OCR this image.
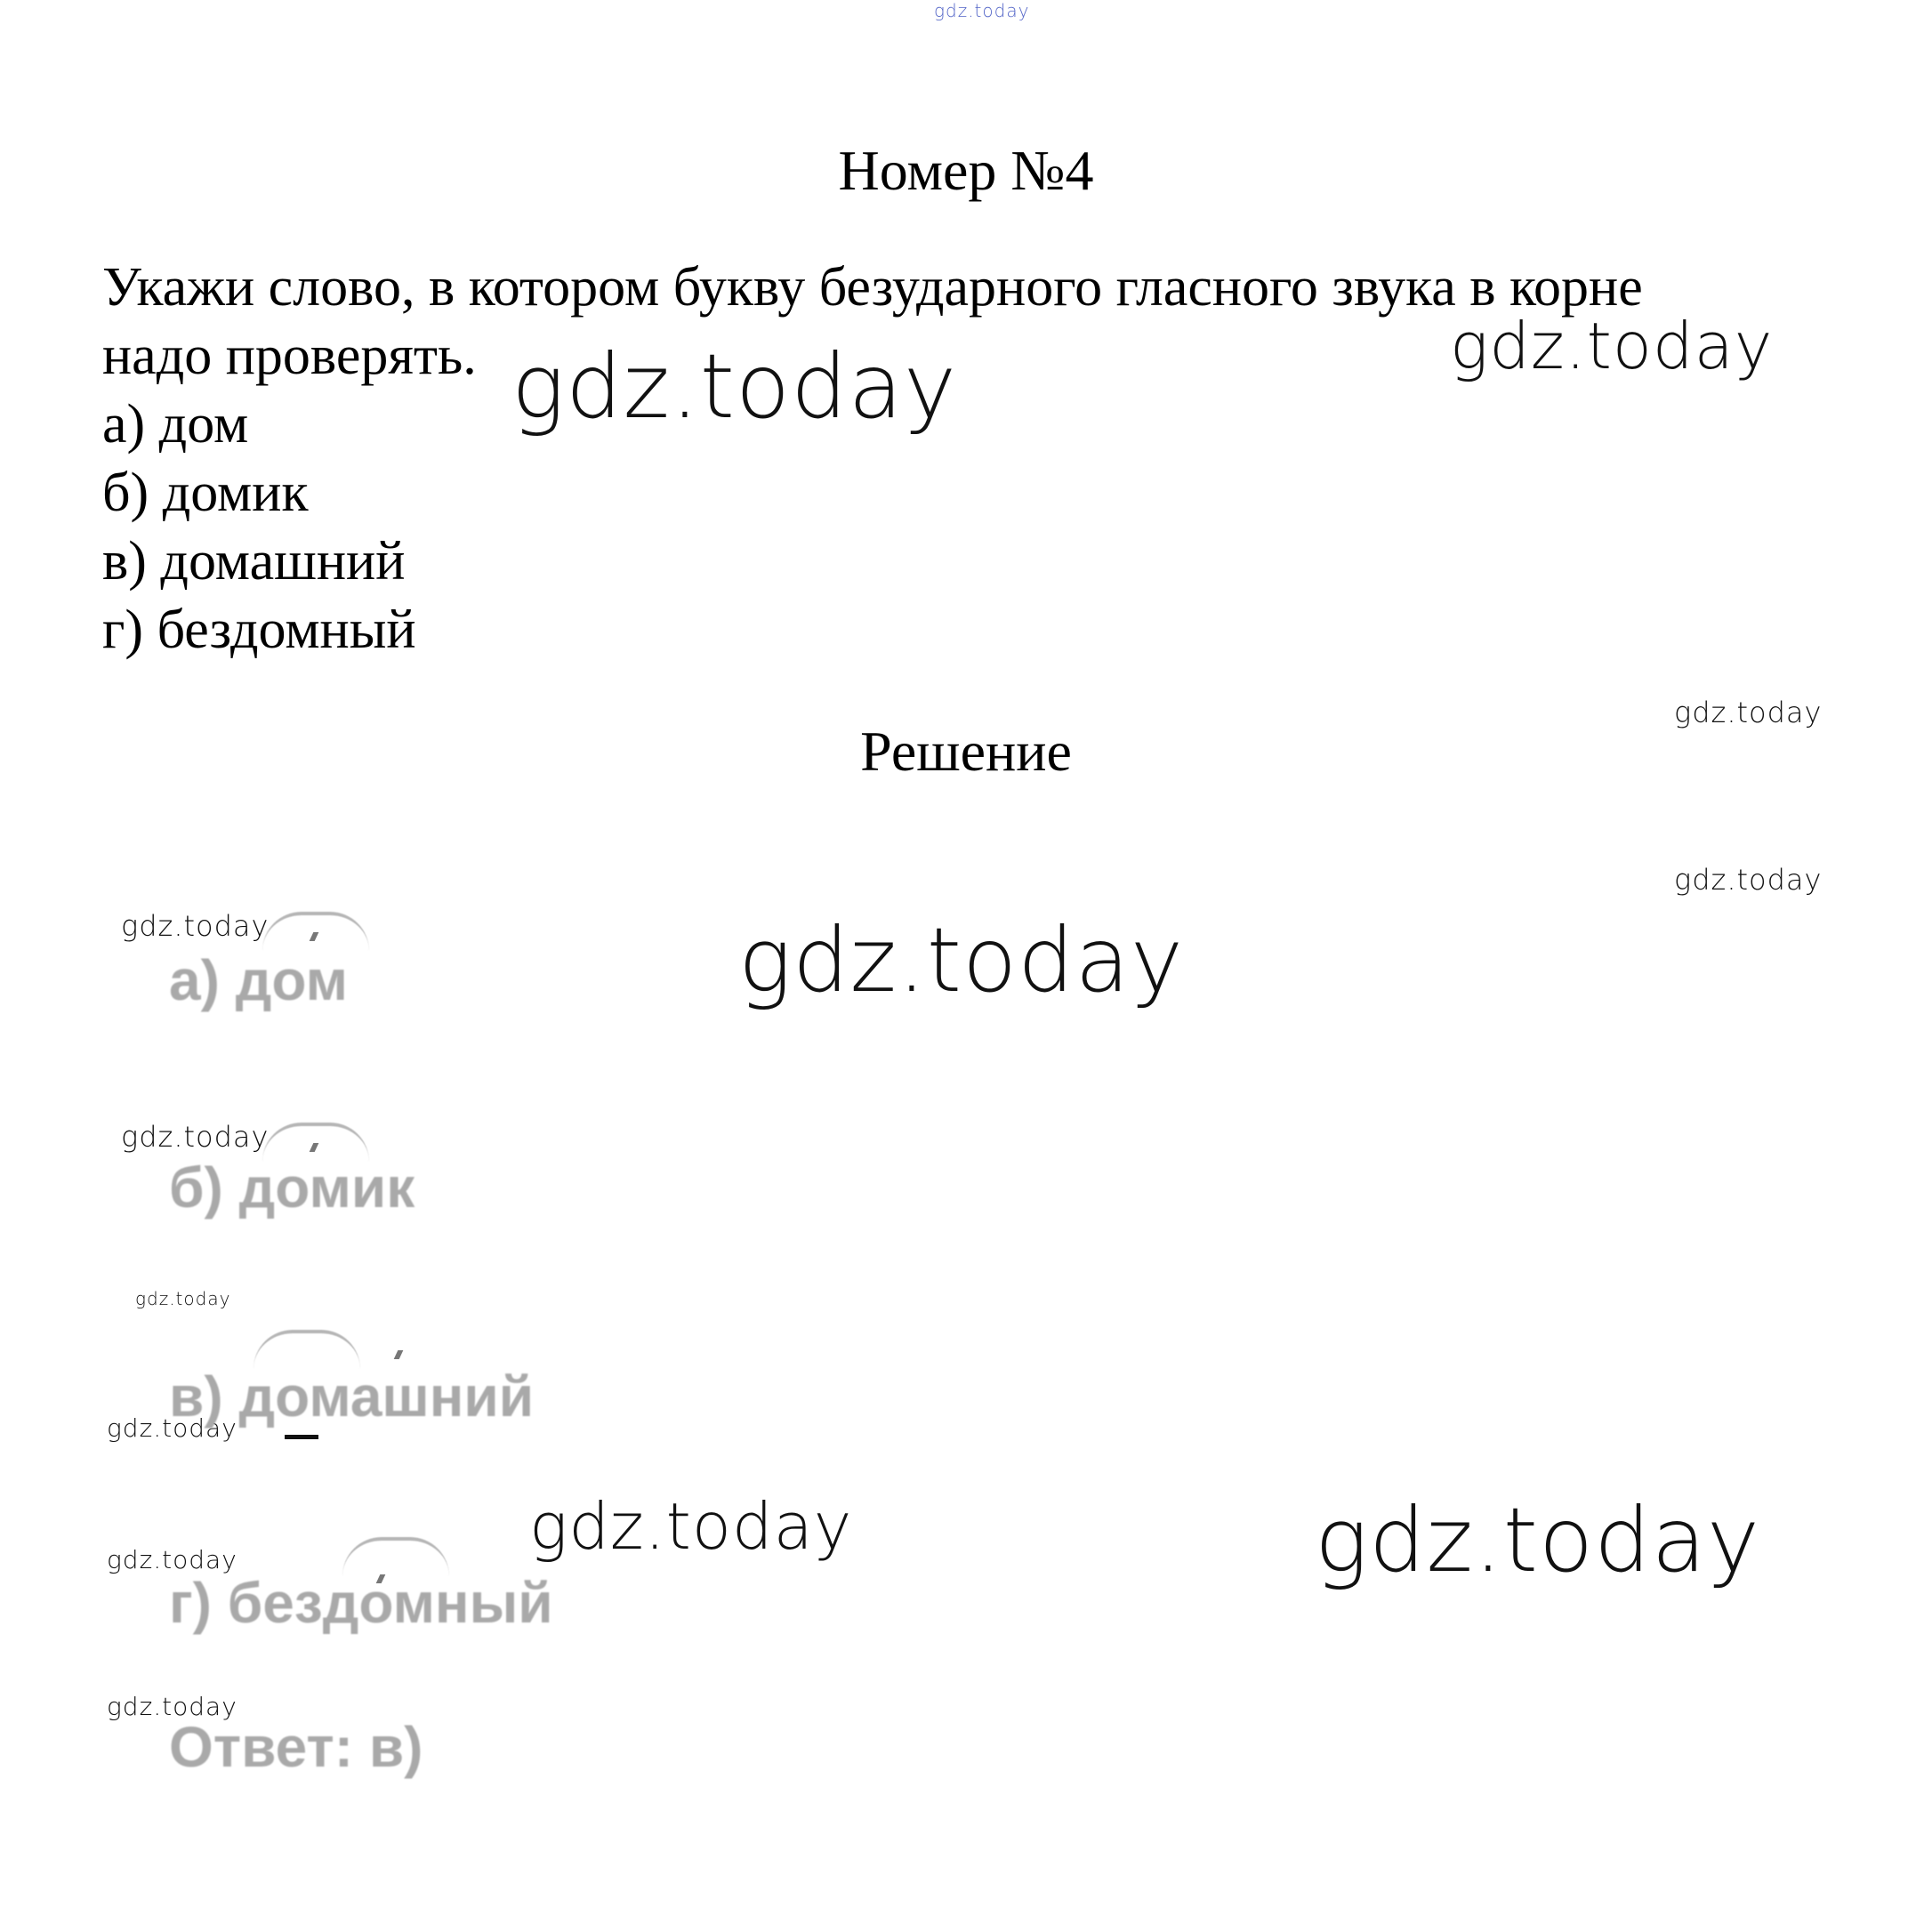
gdz.today
gdz.today	gdz.today
gdz.today
gdz.today
gdz.today
gdz.today
gdz.today
gdz.today
gdz.today
gdz.today	gdz.today
gdz.today
gdz.today
Номер №4
Укажи слово, в котором букву безударного гласного звука в корне
надо проверять.
а) дом
б) домик
в) домашний
г) бездомный
Решение
а) дом
б) домик
в) домашний
г) бездомный
Ответ: в)
